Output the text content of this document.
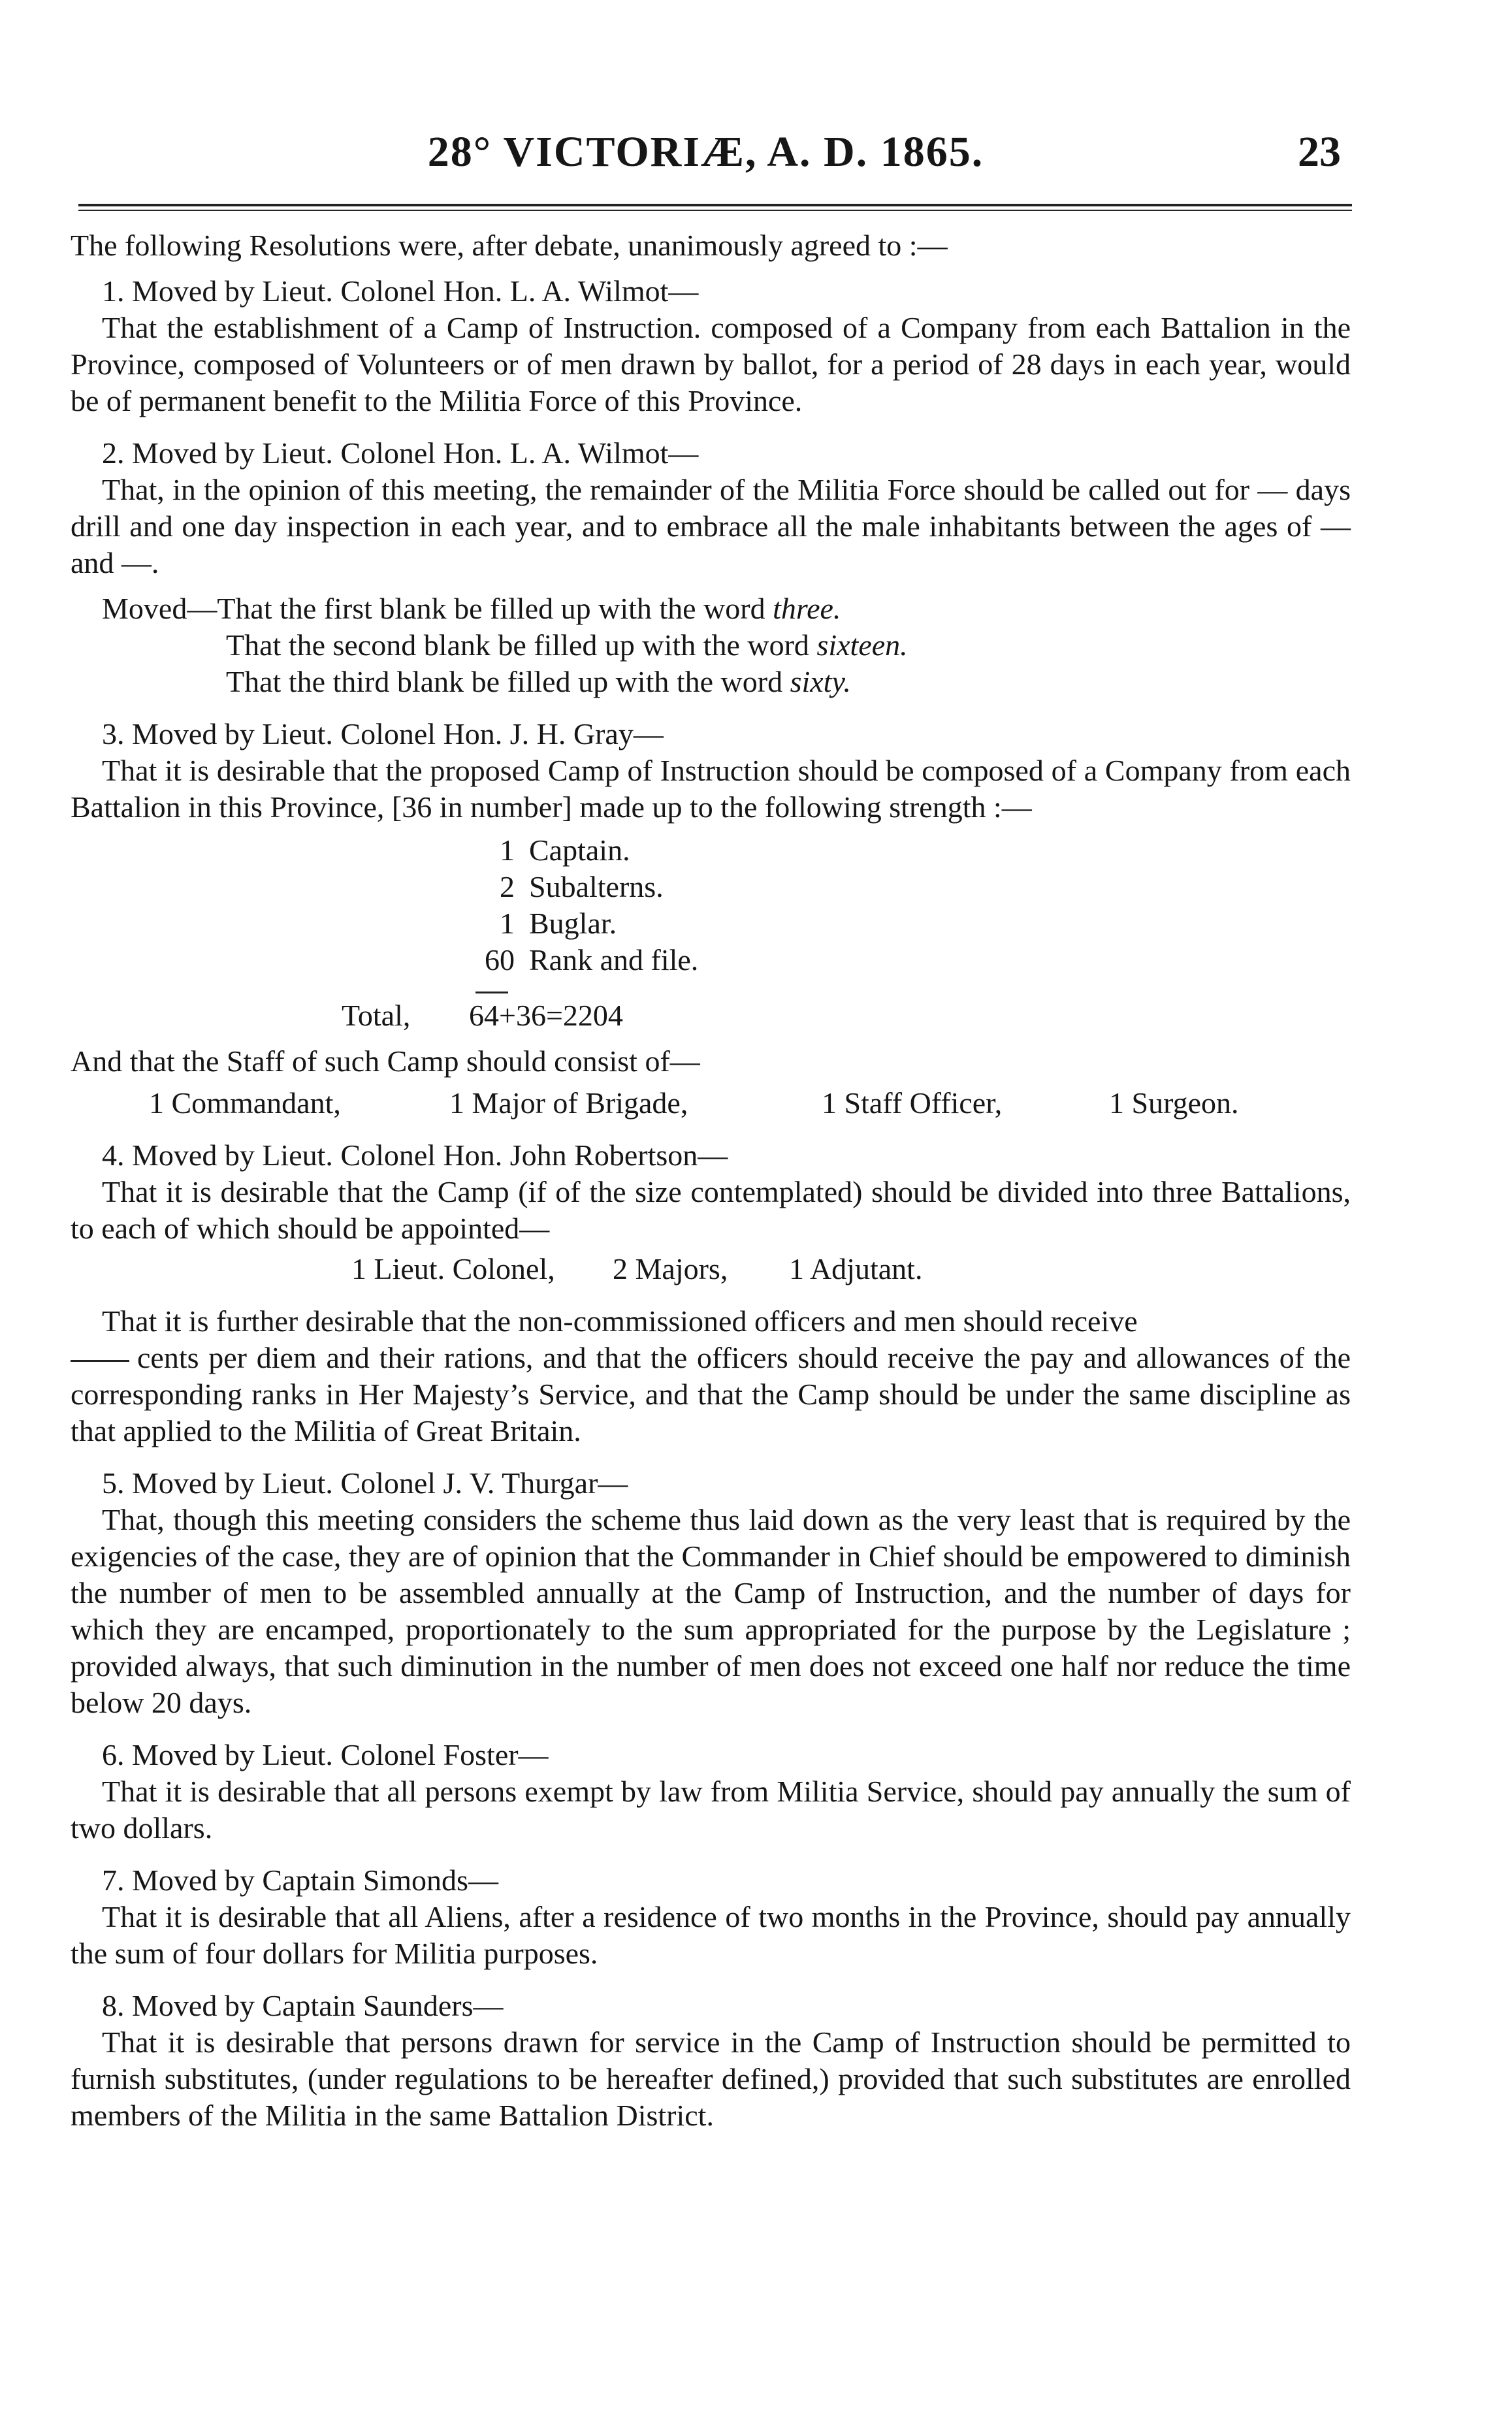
28° VICTORIÆ, A. D. 1865.	23

The following Resolutions were, after debate, unanimously agreed to :—

1. Moved by Lieut. Colonel Hon. L. A. Wilmot—

That the establishment of a Camp of Instruction. composed of a Company from each Battalion in the Province, composed of Volunteers or of men drawn by ballot, for a period of 28 days in each year, would be of permanent benefit to the Militia Force of this Province.

2. Moved by Lieut. Colonel Hon. L. A. Wilmot—

That, in the opinion of this meeting, the remainder of the Militia Force should be called out for — days drill and one day inspection in each year, and to embrace all the male inhabitants between the ages of — and —.

Moved—That the first blank be filled up with the word three.

That the second blank be filled up with the word sixteen.

That the third blank be filled up with the word sixty.

3. Moved by Lieut. Colonel Hon. J. H. Gray—

That it is desirable that the proposed Camp of Instruction should be composed of a Company from each Battalion in this Province, [36 in number] made up to the following strength :—

1 Captain.
2 Subalterns.
1 Buglar.
60 Rank and file.
Total,	64+36=2204

And that the Staff of such Camp should consist of—

1 Commandant,	1 Major of Brigade,	1 Staff Officer,	1 Surgeon.

4. Moved by Lieut. Colonel Hon. John Robertson—

That it is desirable that the Camp (if of the size contemplated) should be divided into three Battalions, to each of which should be appointed—

1 Lieut. Colonel,	2 Majors,	1 Adjutant.

That it is further desirable that the non-commissioned officers and men should receive

cents per diem and their rations, and that the officers should receive the pay and allowances of the corresponding ranks in Her Majesty’s Service, and that the Camp should be under the same discipline as that applied to the Militia of Great Britain.

5. Moved by Lieut. Colonel J. V. Thurgar—

That, though this meeting considers the scheme thus laid down as the very least that is required by the exigencies of the case, they are of opinion that the Commander in Chief should be empowered to diminish the number of men to be assembled annually at the Camp of Instruction, and the number of days for which they are encamped, proportionately to the sum appropriated for the purpose by the Legislature ; provided always, that such diminution in the number of men does not exceed one half nor reduce the time below 20 days.

6. Moved by Lieut. Colonel Foster—

That it is desirable that all persons exempt by law from Militia Service, should pay annually the sum of two dollars.

7. Moved by Captain Simonds—

That it is desirable that all Aliens, after a residence of two months in the Province, should pay annually the sum of four dollars for Militia purposes.

8. Moved by Captain Saunders—

That it is desirable that persons drawn for service in the Camp of Instruction should be permitted to furnish substitutes, (under regulations to be hereafter defined,) provided that such substitutes are enrolled members of the Militia in the same Battalion District.
